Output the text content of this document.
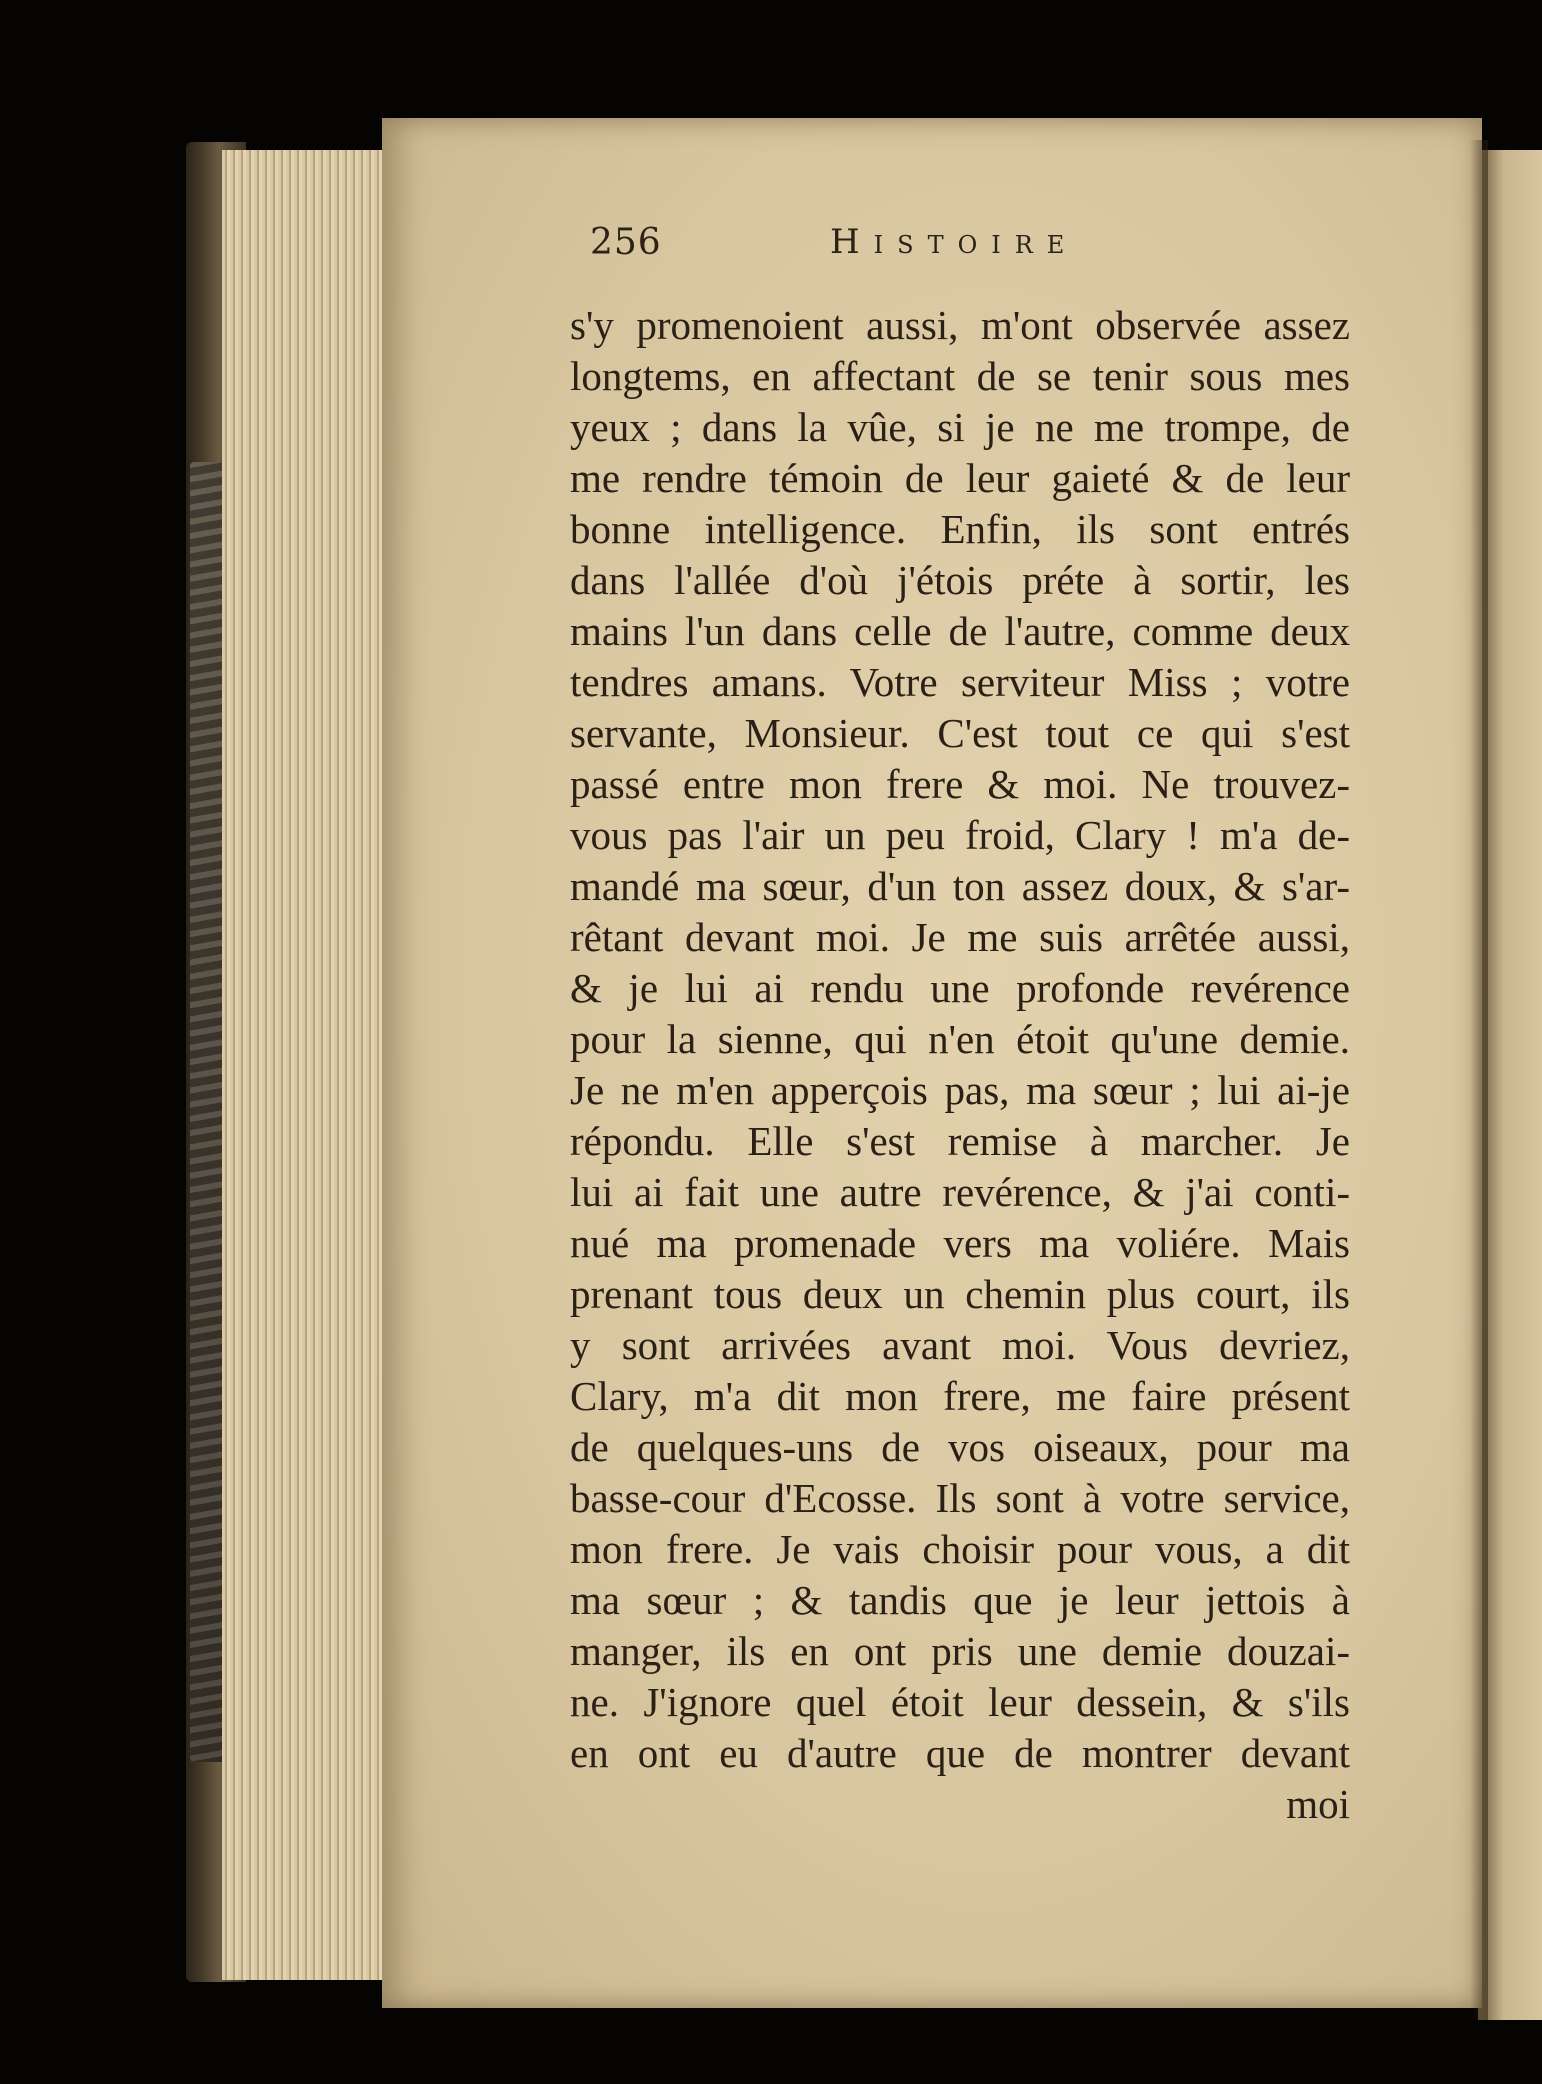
256	Histoire
s'y promenoient aussi, m'ont observée assez
longtems, en affectant de se tenir sous mes
yeux ; dans la vûe, si je ne me trompe, de
me rendre témoin de leur gaieté & de leur
bonne intelligence. Enfin, ils sont entrés
dans l'allée d'où j'étois préte à sortir, les
mains l'un dans celle de l'autre, comme deux
tendres amans. Votre serviteur Miss ; votre
servante, Monsieur. C'est tout ce qui s'est
passé entre mon frere & moi. Ne trouvez-
vous pas l'air un peu froid, Clary ! m'a de-
mandé ma sœur, d'un ton assez doux, & s'ar-
rêtant devant moi. Je me suis arrêtée aussi,
& je lui ai rendu une profonde revérence
pour la sienne, qui n'en étoit qu'une demie.
Je ne m'en apperçois pas, ma sœur ; lui ai-je
répondu. Elle s'est remise à marcher. Je
lui ai fait une autre revérence, & j'ai conti-
nué ma promenade vers ma voliére. Mais
prenant tous deux un chemin plus court, ils
y sont arrivées avant moi. Vous devriez,
Clary, m'a dit mon frere, me faire présent
de quelques-uns de vos oiseaux, pour ma
basse-cour d'Ecosse. Ils sont à votre service,
mon frere. Je vais choisir pour vous, a dit
ma sœur ; & tandis que je leur jettois à
manger, ils en ont pris une demie douzai-
ne. J'ignore quel étoit leur dessein, & s'ils
en ont eu d'autre que de montrer devant
moi
